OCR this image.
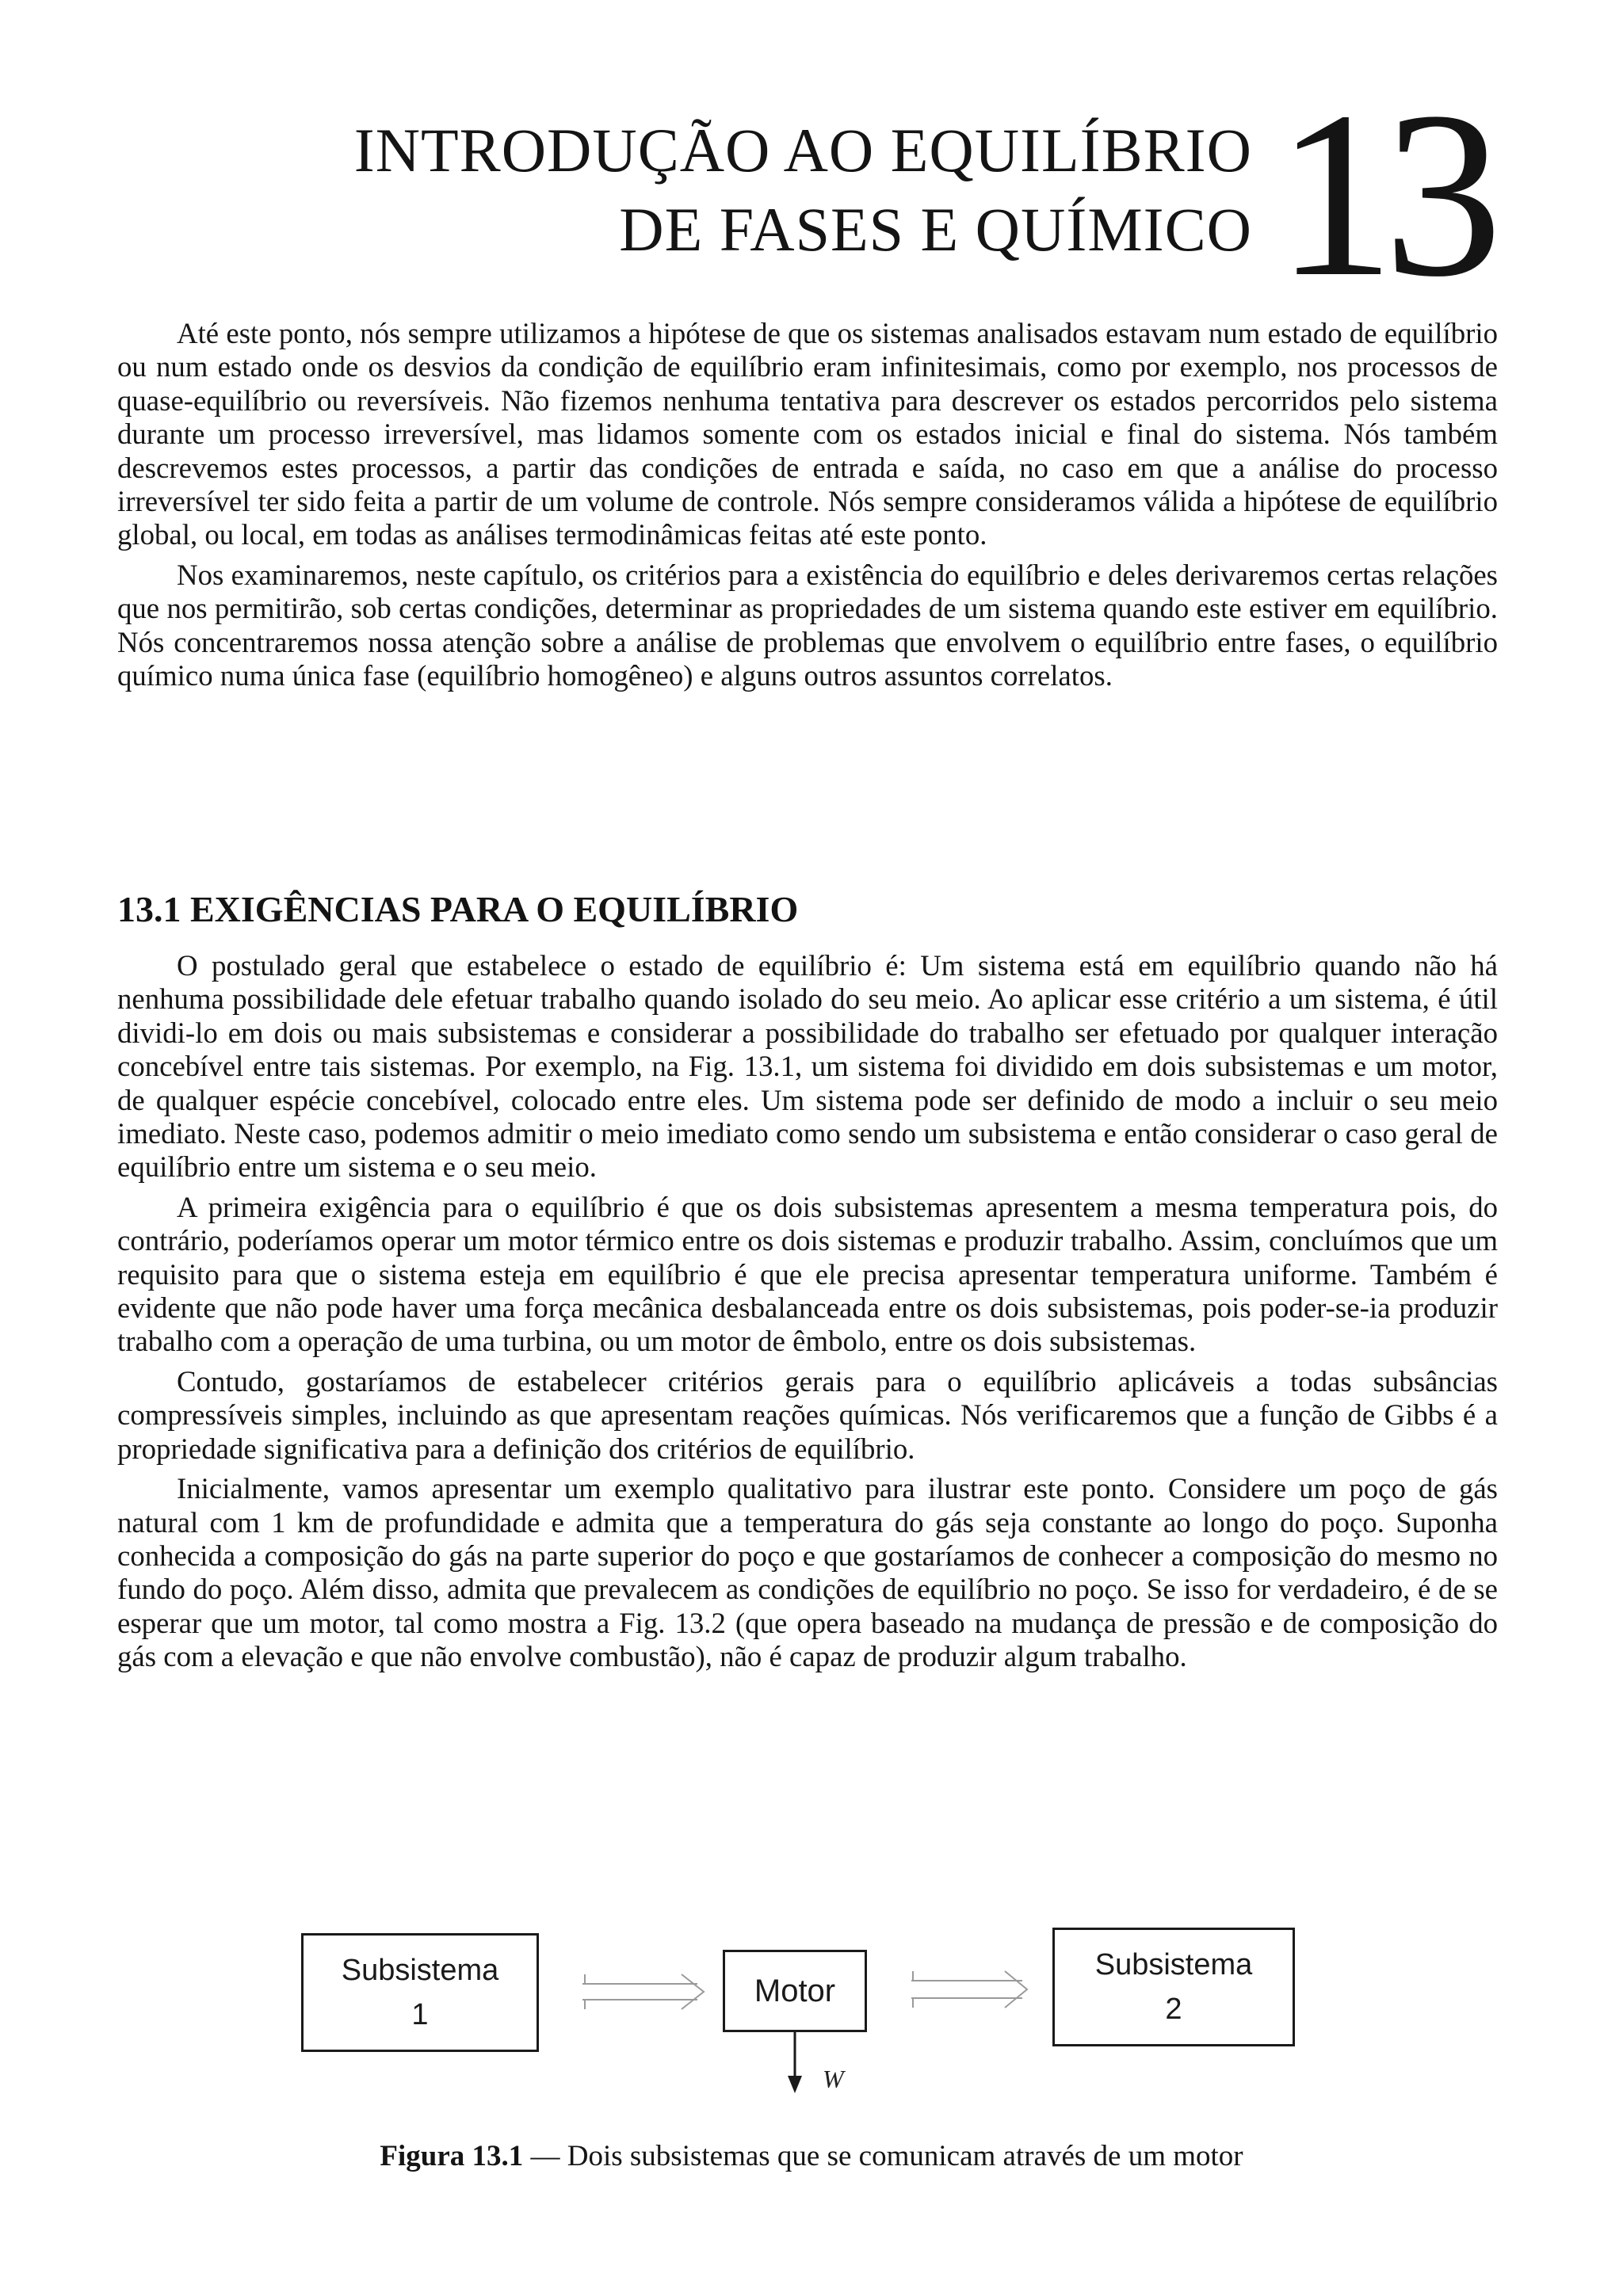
INTRODUÇÃO AO EQUILÍBRIO
DE FASES E QUÍMICO 13

Até este ponto, nós sempre utilizamos a hipótese de que os sistemas analisados estavam num estado de equilíbrio ou num estado onde os desvios da condição de equilíbrio eram infinitesimais, como por exemplo, nos processos de quase-equilíbrio ou reversíveis. Não fizemos nenhuma tentativa para descrever os estados percorridos pelo sistema durante um processo irreversível, mas lidamos somente com os estados inicial e final do sistema. Nós também descrevemos estes processos, a partir das condições de entrada e saída, no caso em que a análise do processo irreversível ter sido feita a partir de um volume de controle. Nós sempre consideramos válida a hipótese de equilíbrio global, ou local, em todas as análises termodinâmicas feitas até este ponto.

Nos examinaremos, neste capítulo, os critérios para a existência do equilíbrio e deles derivaremos certas relações que nos permitirão, sob certas condições, determinar as propriedades de um sistema quando este estiver em equilíbrio. Nós concentraremos nossa atenção sobre a análise de problemas que envolvem o equilíbrio entre fases, o equilíbrio químico numa única fase (equilíbrio homogêneo) e alguns outros assuntos correlatos.

13.1 EXIGÊNCIAS PARA O EQUILÍBRIO

O postulado geral que estabelece o estado de equilíbrio é: Um sistema está em equilíbrio quando não há nenhuma possibilidade dele efetuar trabalho quando isolado do seu meio. Ao aplicar esse critério a um sistema, é útil dividi-lo em dois ou mais subsistemas e considerar a possibilidade do trabalho ser efetuado por qualquer interação concebível entre tais sistemas. Por exemplo, na Fig. 13.1, um sistema foi dividido em dois subsistemas e um motor, de qualquer espécie concebível, colocado entre eles. Um sistema pode ser definido de modo a incluir o seu meio imediato. Neste caso, podemos admitir o meio imediato como sendo um subsistema e então considerar o caso geral de equilíbrio entre um sistema e o seu meio.

A primeira exigência para o equilíbrio é que os dois subsistemas apresentem a mesma temperatura pois, do contrário, poderíamos operar um motor térmico entre os dois sistemas e produzir trabalho. Assim, concluímos que um requisito para que o sistema esteja em equilíbrio é que ele precisa apresentar temperatura uniforme. Também é evidente que não pode haver uma força mecânica desbalanceada entre os dois subsistemas, pois poder-se-ia produzir trabalho com a operação de uma turbina, ou um motor de êmbolo, entre os dois subsistemas.

Contudo, gostaríamos de estabelecer critérios gerais para o equilíbrio aplicáveis a todas subsâncias compressíveis simples, incluindo as que apresentam reações químicas. Nós verificaremos que a função de Gibbs é a propriedade significativa para a definição dos critérios de equilíbrio.

Inicialmente, vamos apresentar um exemplo qualitativo para ilustrar este ponto. Considere um poço de gás natural com 1 km de profundidade e admita que a temperatura do gás seja constante ao longo do poço. Suponha conhecida a composição do gás na parte superior do poço e que gostaríamos de conhecer a composição do mesmo no fundo do poço. Além disso, admita que prevalecem as condições de equilíbrio no poço. Se isso for verdadeiro, é de se esperar que um motor, tal como mostra a Fig. 13.2 (que opera baseado na mudança de pressão e de composição do gás com a elevação e que não envolve combustão), não é capaz de produzir algum trabalho.

Subsistema
1
Motor
Subsistema
2
W
Figura 13.1 — Dois subsistemas que se comunicam através de um motor
